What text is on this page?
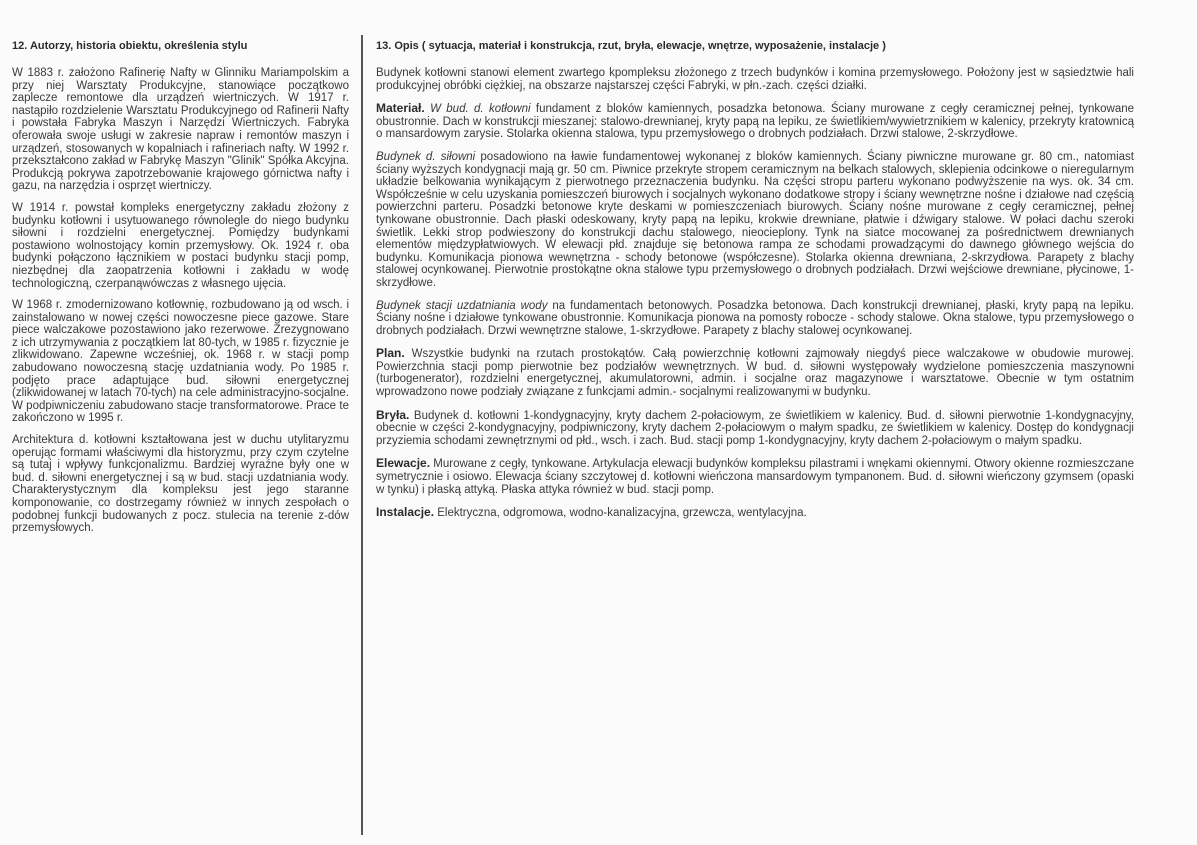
12. Autorzy, historia obiektu, określenia stylu

W 1883 r. założono Rafinerię Nafty w Glinniku Mariampolskim a przy niej Warsztaty Produkcyjne, stanowiące początkowo zaplecze remontowe dla urządzeń wiertniczych. W 1917 r. nastąpiło rozdzielenie Warsztatu Produkcyjnego od Rafinerii Nafty i powstała Fabryka Maszyn i Narzędzi Wiertniczych. Fabryka oferowała swoje usługi w zakresie napraw i remontów maszyn i urządzeń, stosowanych w kopalniach i rafineriach nafty. W 1992 r. przekształcono zakład w Fabrykę Maszyn "Glinik" Spółka Akcyjna. Produkcją pokrywa zapotrzebowanie krajowego górnictwa nafty i gazu, na narzędzia i osprzęt wiertniczy.

W 1914 r. powstał kompleks energetyczny zakładu złożony z budynku kotłowni i usytuowanego równolegle do niego budynku siłowni i rozdzielni energetycznej. Pomiędzy budynkami postawiono wolnostojący komin przemysłowy. Ok. 1924 r. oba budynki połączono łącznikiem w postaci budynku stacji pomp, niezbędnej dla zaopatrzenia kotłowni i zakładu w wodę technologiczną, czerpanąwówczas z własnego ujęcia.

W 1968 r. zmodernizowano kotłownię, rozbudowano ją od wsch. i zainstalowano w nowej części nowoczesne piece gazowe. Stare piece walczakowe pozostawiono jako rezerwowe. Zrezygnowano z ich utrzymywania z początkiem lat 80-tych, w 1985 r. fizycznie je zlikwidowano. Zapewne wcześniej, ok. 1968 r. w stacji pomp zabudowano nowoczesną stację uzdatniania wody. Po 1985 r. podjęto prace adaptujące bud. siłowni energetycznej (zlikwidowanej w latach 70-tych) na cele administracyjno-socjalne. W podpiwniczeniu zabudowano stacje transformatorowe. Prace te zakończono w 1995 r.

Architektura d. kotłowni kształtowana jest w duchu utylitaryzmu operując formami właściwymi dla historyzmu, przy czym czytelne są tutaj i wpływy funkcjonalizmu. Bardziej wyraźne były one w bud. d. siłowni energetycznej i są w bud. stacji uzdatniania wody. Charakterystycznym dla kompleksu jest jego staranne komponowanie, co dostrzegamy również w innych zespołach o podobnej funkcji budowanych z pocz. stulecia na terenie z-dów przemysłowych.

13. Opis ( sytuacja, materiał i konstrukcja, rzut, bryła, elewacje, wnętrze, wyposażenie, instalacje )

Budynek kotłowni stanowi element zwartego kpompleksu złożonego z trzech budynków i komina przemysłowego. Położony jest w sąsiedztwie hali produkcyjnej obróbki ciężkiej, na obszarze najstarszej części Fabryki, w płn.-zach. części działki.

Materiał. W bud. d. kotłowni fundament z bloków kamiennych, posadzka betonowa. Ściany murowane z cegły ceramicznej pełnej, tynkowane obustronnie. Dach w konstrukcji mieszanej: stalowo-drewnianej, kryty papą na lepiku, ze świetlikiem/wywietrznikiem w kalenicy, przekryty kratownicą o mansardowym zarysie. Stolarka okienna stalowa, typu przemysłowego o drobnych podziałach. Drzwi stalowe, 2-skrzydłowe.

Budynek d. siłowni posadowiono na ławie fundamentowej wykonanej z bloków kamiennych. Ściany piwniczne murowane gr. 80 cm., natomiast ściany wyższych kondygnacji mają gr. 50 cm. Piwnice przekryte stropem ceramicznym na belkach stalowych, sklepienia odcinkowe o nieregularnym układzie belkowania wynikającym z pierwotnego przeznaczenia budynku. Na części stropu parteru wykonano podwyższenie na wys. ok. 34 cm. Współcześnie w celu uzyskania pomieszczeń biurowych i socjalnych wykonano dodatkowe stropy i ściany wewnętrzne nośne i działowe nad częścią powierzchni parteru. Posadzki betonowe kryte deskami w pomieszczeniach biurowych. Ściany nośne murowane z cegły ceramicznej, pełnej tynkowane obustronnie. Dach płaski odeskowany, kryty papą na lepiku, krokwie drewniane, płatwie i dźwigary stalowe. W połaci dachu szeroki świetlik. Lekki strop podwieszony do konstrukcji dachu stalowego, nieocieplony. Tynk na siatce mocowanej za pośrednictwem drewnianych elementów międzypłatwiowych. W elewacji płd. znajduje się betonowa rampa ze schodami prowadzącymi do dawnego głównego wejścia do budynku. Komunikacja pionowa wewnętrzna - schody betonowe (współczesne). Stolarka okienna drewniana, 2-skrzydłowa. Parapety z blachy stalowej ocynkowanej. Pierwotnie prostokątne okna stalowe typu przemysłowego o drobnych podziałach. Drzwi wejściowe drewniane, płycinowe, 1-skrzydłowe.

Budynek stacji uzdatniania wody na fundamentach betonowych. Posadzka betonowa. Dach konstrukcji drewnianej, płaski, kryty papą na lepiku. Ściany nośne i działowe tynkowane obustronnie. Komunikacja pionowa na pomosty robocze - schody stalowe. Okna stalowe, typu przemysłowego o drobnych podziałach. Drzwi wewnętrzne stalowe, 1-skrzydłowe. Parapety z blachy stalowej ocynkowanej.

Plan. Wszystkie budynki na rzutach prostokątów. Całą powierzchnię kotłowni zajmowały niegdyś piece walczakowe w obudowie murowej. Powierzchnia stacji pomp pierwotnie bez podziałów wewnętrznych. W bud. d. siłowni występowały wydzielone pomieszczenia maszynowni (turbogenerator), rozdzielni energetycznej, akumulatorowni, admin. i socjalne oraz magazynowe i warsztatowe. Obecnie w tym ostatnim wprowadzono nowe podziały związane z funkcjami admin.- socjalnymi realizowanymi w budynku.

Bryła. Budynek d. kotłowni 1-kondygnacyjny, kryty dachem 2-połaciowym, ze świetlikiem w kalenicy. Bud. d. siłowni pierwotnie 1-kondygnacyjny, obecnie w części 2-kondygnacyjny, podpiwniczony, kryty dachem 2-połaciowym o małym spadku, ze świetlikiem w kalenicy. Dostęp do kondygnacji przyziemia schodami zewnętrznymi od płd., wsch. i zach. Bud. stacji pomp 1-kondygnacyjny, kryty dachem 2-połaciowym o małym spadku.

Elewacje. Murowane z cegły, tynkowane. Artykulacja elewacji budynków kompleksu pilastrami i wnękami okiennymi. Otwory okienne rozmieszczane symetrycznie i osiowo. Elewacja ściany szczytowej d. kotłowni wieńczona mansardowym tympanonem. Bud. d. siłowni wieńczony gzymsem (opaski w tynku) i płaską attyką. Płaska attyka również w bud. stacji pomp.

Instalacje. Elektryczna, odgromowa, wodno-kanalizacyjna, grzewcza, wentylacyjna.
